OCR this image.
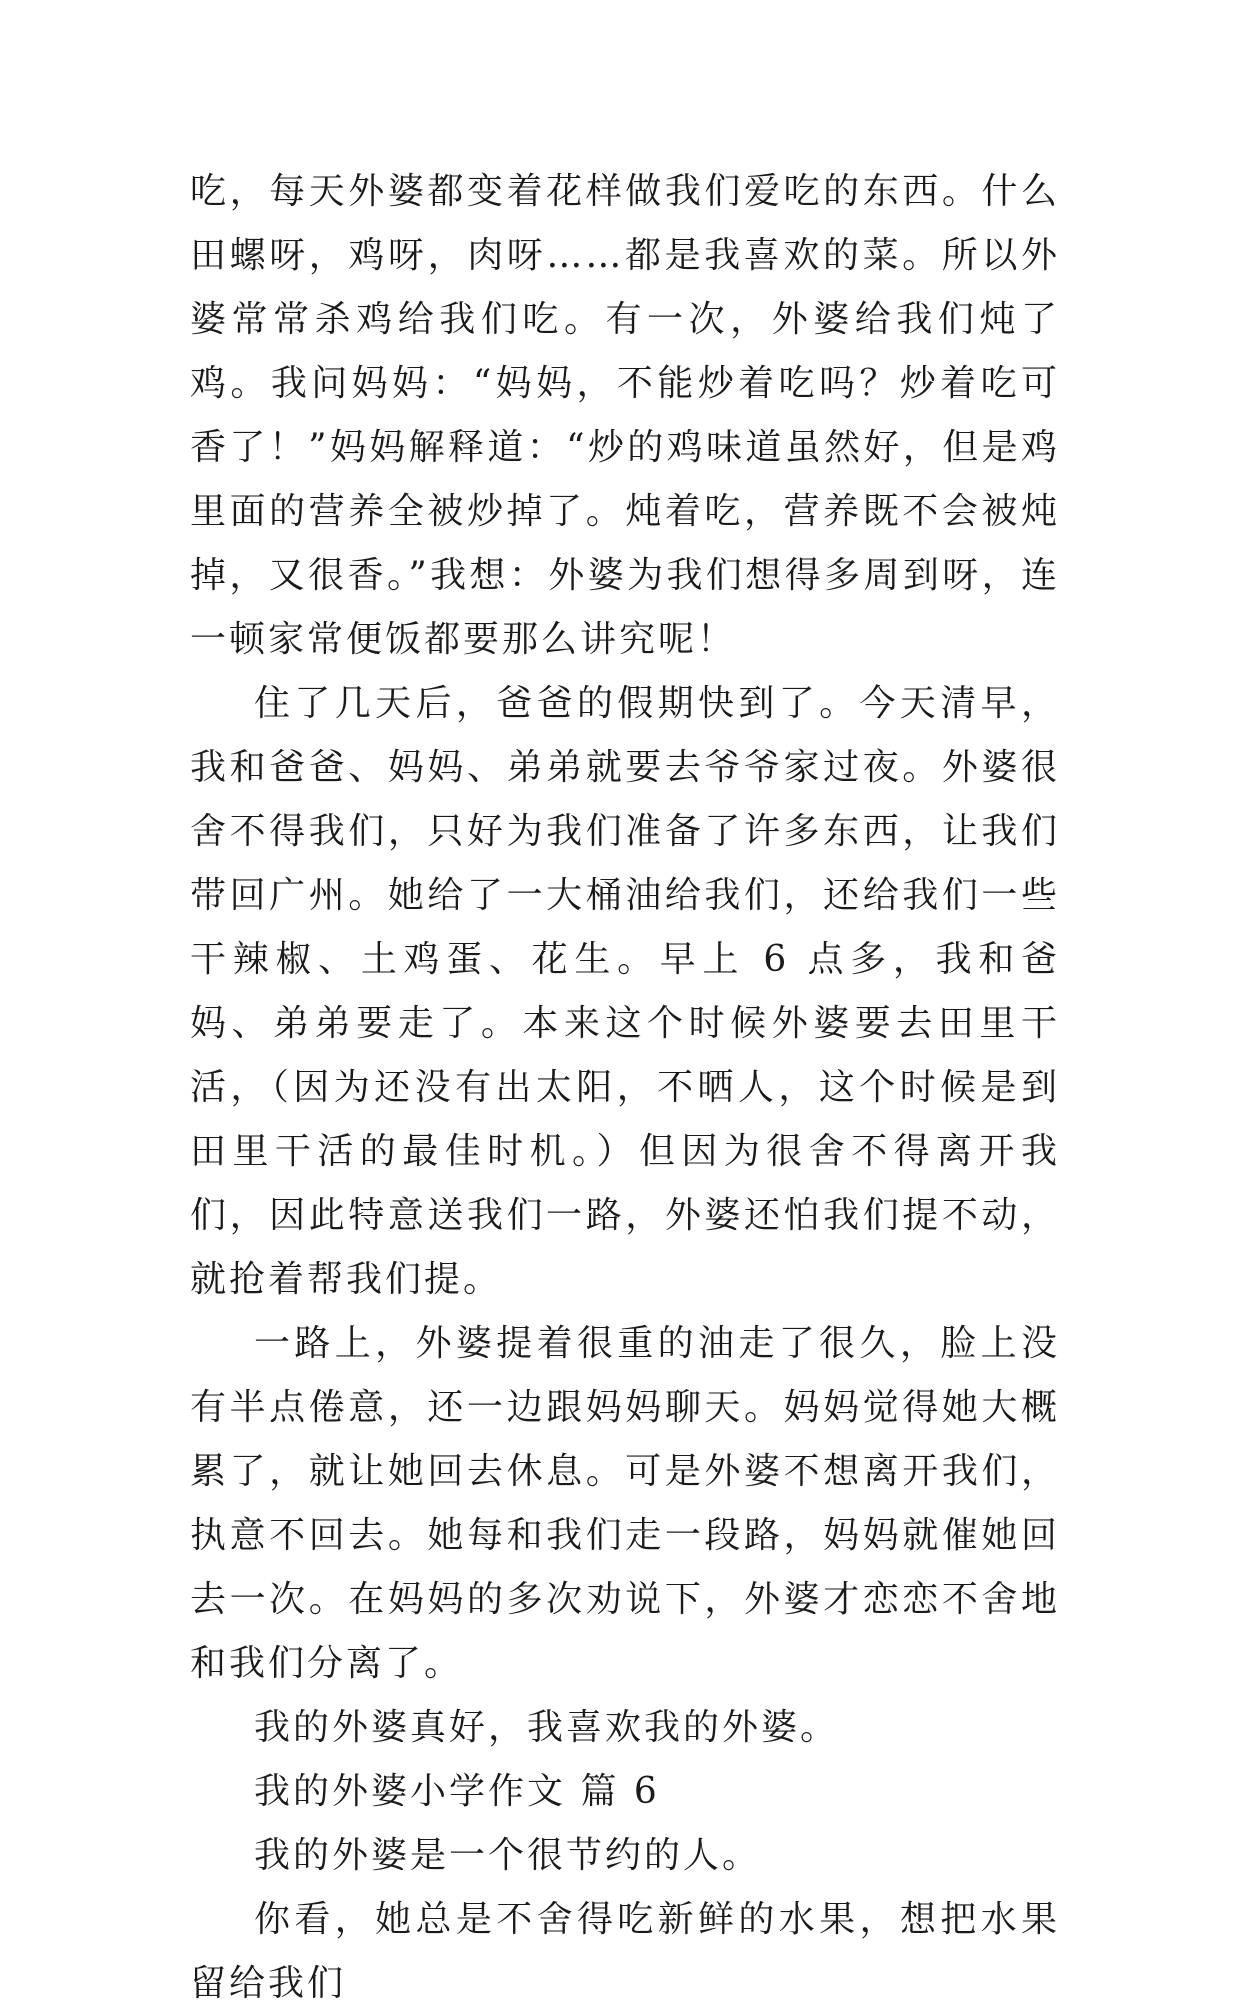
吃，每天外婆都变着花样做我们爱吃的东西。什么田螺呀，鸡呀，肉呀……都是我喜欢的菜。所以外婆常常杀鸡给我们吃。有一次，外婆给我们炖了鸡。我问妈妈：“妈妈，不能炒着吃吗？炒着吃可香了！”妈妈解释道：“炒的鸡味道虽然好，但是鸡里面的营养全被炒掉了。炖着吃，营养既不会被炖掉，又很香。”我想：外婆为我们想得多周到呀，连一顿家常便饭都要那么讲究呢！

住了几天后，爸爸的假期快到了。今天清早，我和爸爸、妈妈、弟弟就要去爷爷家过夜。外婆很舍不得我们，只好为我们准备了许多东西，让我们带回广州。她给了一大桶油给我们，还给我们一些干辣椒、土鸡蛋、花生。早上 6 点多，我和爸妈、弟弟要走了。本来这个时候外婆要去田里干活，（因为还没有出太阳，不晒人，这个时候是到田里干活的最佳时机。）但因为很舍不得离开我们，因此特意送我们一路，外婆还怕我们提不动，就抢着帮我们提。

一路上，外婆提着很重的油走了很久，脸上没有半点倦意，还一边跟妈妈聊天。妈妈觉得她大概累了，就让她回去休息。可是外婆不想离开我们，执意不回去。她每和我们走一段路，妈妈就催她回去一次。在妈妈的多次劝说下，外婆才恋恋不舍地和我们分离了。

我的外婆真好，我喜欢我的外婆。

我的外婆小学作文 篇 6

我的外婆是一个很节约的人。

你看，她总是不舍得吃新鲜的水果，想把水果留给我们
